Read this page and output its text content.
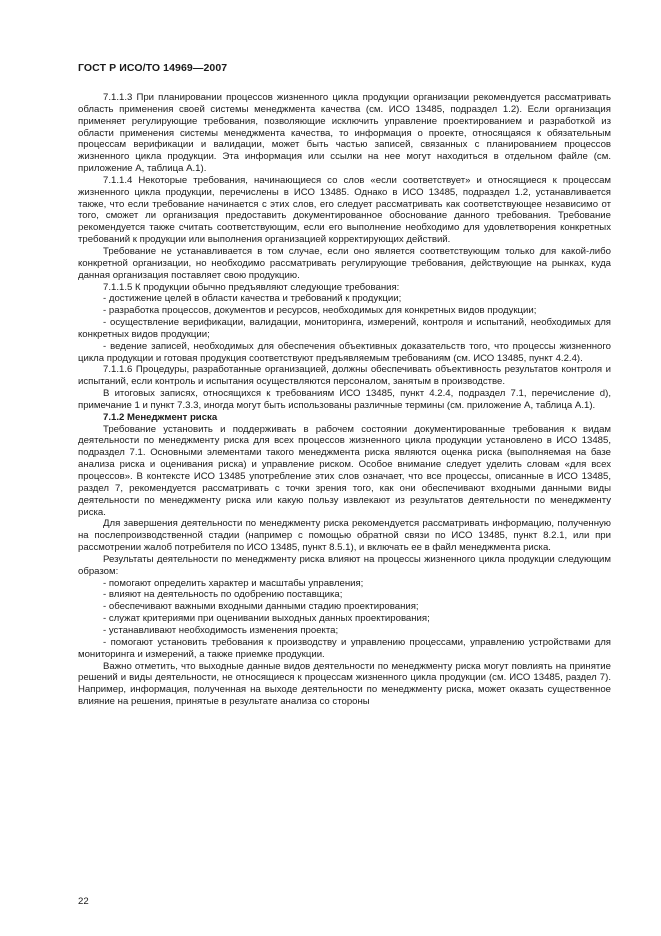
ГОСТ Р ИСО/ТО 14969—2007

7.1.1.3 При планировании процессов жизненного цикла продукции организации рекомендуется рассматривать область применения своей системы менеджмента качества (см. ИСО 13485, подраздел 1.2). Если организация применяет регулирующие требования, позволяющие исключить управление проектированием и разработкой из области применения системы менеджмента качества, то информация о проекте, относящаяся к обязательным процессам верификации и валидации, может быть частью записей, связанных с планированием процессов жизненного цикла продукции. Эта информация или ссылки на нее могут находиться в отдельном файле (см. приложение А, таблица А.1).

7.1.1.4 Некоторые требования, начинающиеся со слов «если соответствует» и относящиеся к процессам жизненного цикла продукции, перечислены в ИСО 13485. Однако в ИСО 13485, подраздел 1.2, устанавливается также, что если требование начинается с этих слов, его следует рассматривать как соответствующее независимо от того, сможет ли организация предоставить документированное обоснование данного требования. Требование рекомендуется также считать соответствующим, если его выполнение необходимо для удовлетворения конкретных требований к продукции или выполнения организацией корректирующих действий.

Требование не устанавливается в том случае, если оно является соответствующим только для какой-либо конкретной организации, но необходимо рассматривать регулирующие требования, действующие на рынках, куда данная организация поставляет свою продукцию.

7.1.1.5 К продукции обычно предъявляют следующие требования:

- достижение целей в области качества и требований к продукции;

- разработка процессов, документов и ресурсов, необходимых для конкретных видов продукции;

- осуществление верификации, валидации, мониторинга, измерений, контроля и испытаний, необходимых для конкретных видов продукции;

- ведение записей, необходимых для обеспечения объективных доказательств того, что процессы жизненного цикла продукции и готовая продукция соответствуют предъявляемым требованиям (см. ИСО 13485, пункт 4.2.4).

7.1.1.6 Процедуры, разработанные организацией, должны обеспечивать объективность результатов контроля и испытаний, если контроль и испытания осуществляются персоналом, занятым в производстве.

В итоговых записях, относящихся к требованиям ИСО 13485, пункт 4.2.4, подраздел 7.1, перечисление d), примечание 1 и пункт 7.3.3, иногда могут быть использованы различные термины (см. приложение А, таблица А.1).

7.1.2 Менеджмент риска

Требование установить и поддерживать в рабочем состоянии документированные требования к видам деятельности по менеджменту риска для всех процессов жизненного цикла продукции установлено в ИСО 13485, подраздел 7.1. Основными элементами такого менеджмента риска являются оценка риска (выполняемая на базе анализа риска и оценивания риска) и управление риском. Особое внимание следует уделить словам «для всех процессов». В контексте ИСО 13485 употребление этих слов означает, что все процессы, описанные в ИСО 13485, раздел 7, рекомендуется рассматривать с точки зрения того, как они обеспечивают входными данными виды деятельности по менеджменту риска или какую пользу извлекают из результатов деятельности по менеджменту риска.

Для завершения деятельности по менеджменту риска рекомендуется рассматривать информацию, полученную на послепроизводственной стадии (например с помощью обратной связи по ИСО 13485, пункт 8.2.1, или при рассмотрении жалоб потребителя по ИСО 13485, пункт 8.5.1), и включать ее в файл менеджмента риска.

Результаты деятельности по менеджменту риска влияют на процессы жизненного цикла продукции следующим образом:

- помогают определить характер и масштабы управления;

- влияют на деятельность по одобрению поставщика;

- обеспечивают важными входными данными стадию проектирования;

- служат критериями при оценивании выходных данных проектирования;

- устанавливают необходимость изменения проекта;

- помогают установить требования к производству и управлению процессами, управлению устройствами для мониторинга и измерений, а также приемке продукции.

Важно отметить, что выходные данные видов деятельности по менеджменту риска могут повлиять на принятие решений и виды деятельности, не относящиеся к процессам жизненного цикла продукции (см. ИСО 13485, раздел 7). Например, информация, полученная на выходе деятельности по менеджменту риска, может оказать существенное влияние на решения, принятые в результате анализа со стороны

22
